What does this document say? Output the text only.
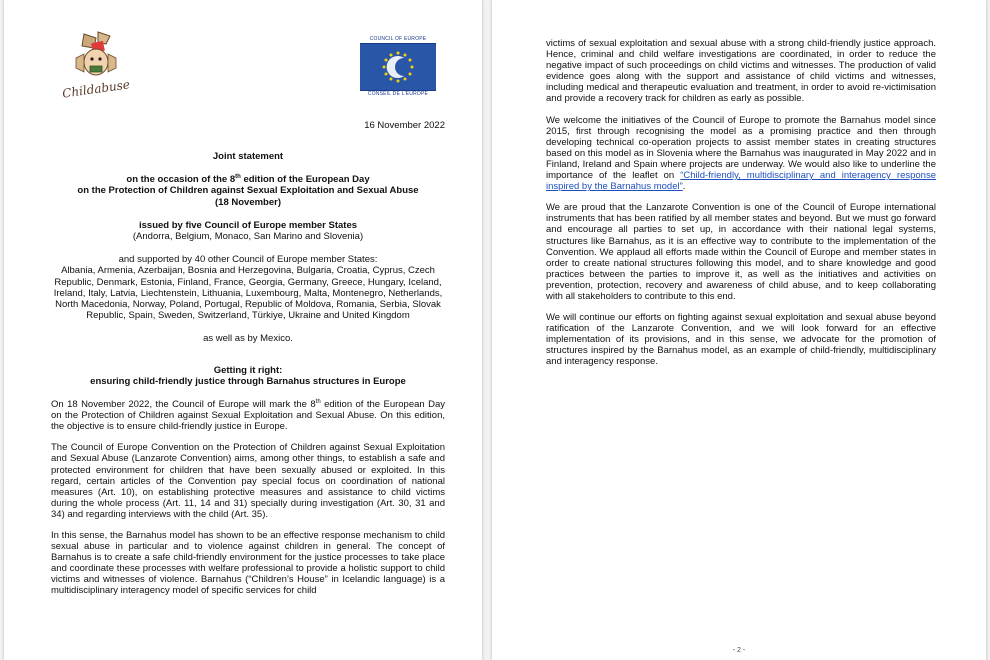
Childabuse
COUNCIL OF EUROPE
CONSEIL DE L'EUROPE
16 November 2022
Joint statement
on the occasion of the 8th edition of the European Day
on the Protection of Children against Sexual Exploitation and Sexual Abuse
(18 November)
issued by five Council of Europe member States
(Andorra, Belgium, Monaco, San Marino and Slovenia)
and supported by 40 other Council of Europe member States:
Albania, Armenia, Azerbaijan, Bosnia and Herzegovina, Bulgaria, Croatia, Cyprus, Czech Republic, Denmark, Estonia, Finland, France, Georgia, Germany, Greece, Hungary, Iceland, Ireland, Italy, Latvia, Liechtenstein, Lithuania, Luxembourg, Malta, Montenegro, Netherlands, North Macedonia, Norway, Poland, Portugal, Republic of Moldova, Romania, Serbia, Slovak Republic, Spain, Sweden, Switzerland, Türkiye, Ukraine and United Kingdom
as well as by Mexico.
Getting it right:
ensuring child-friendly justice through Barnahus structures in Europe

On 18 November 2022, the Council of Europe will mark the 8th edition of the European Day on the Protection of Children against Sexual Exploitation and Sexual Abuse. On this edition, the objective is to ensure child-friendly justice in Europe.

The Council of Europe Convention on the Protection of Children against Sexual Exploitation and Sexual Abuse (Lanzarote Convention) aims, among other things, to establish a safe and protected environment for children that have been sexually abused or exploited. In this regard, certain articles of the Convention pay special focus on coordination of national measures (Art. 10), on establishing protective measures and assistance to child victims during the whole process (Art. 11, 14 and 31) specially during investigation (Art. 30, 31 and 34) and regarding interviews with the child (Art. 35).

In this sense, the Barnahus model has shown to be an effective response mechanism to child sexual abuse in particular and to violence against children in general. The concept of Barnahus is to create a safe child-friendly environment for the justice processes to take place and coordinate these processes with welfare professional to provide a holistic support to child victims and witnesses of violence. Barnahus (“Children’s House” in Icelandic language) is a multidisciplinary interagency model of specific services for child

victims of sexual exploitation and sexual abuse with a strong child-friendly justice approach. Hence, criminal and child welfare investigations are coordinated, in order to reduce the negative impact of such proceedings on child victims and witnesses. The production of valid evidence goes along with the support and assistance of child victims and witnesses, including medical and therapeutic evaluation and treatment, in order to avoid re-victimisation and provide a recovery track for children as early as possible.

We welcome the initiatives of the Council of Europe to promote the Barnahus model since 2015, first through recognising the model as a promising practice and then through developing technical co-operation projects to assist member states in creating structures based on this model as in Slovenia where the Barnahus was inaugurated in May 2022 and in Finland, Ireland and Spain where projects are underway. We would also like to underline the importance of the leaflet on “Child-friendly, multidisciplinary and interagency response inspired by the Barnahus model”.

We are proud that the Lanzarote Convention is one of the Council of Europe international instruments that has been ratified by all member states and beyond. But we must go forward and encourage all parties to set up, in accordance with their national legal systems, structures like Barnahus, as it is an effective way to contribute to the implementation of the Convention. We applaud all efforts made within the Council of Europe and member states in order to create national structures following this model, and to share knowledge and good practices between the parties to improve it, as well as the initiatives and activities on prevention, protection, recovery and awareness of child abuse, and to keep collaborating with all stakeholders to contribute to this end.

We will continue our efforts on fighting against sexual exploitation and sexual abuse beyond ratification of the Lanzarote Convention, and we will look forward for an effective implementation of its provisions, and in this sense, we advocate for the promotion of structures inspired by the Barnahus model, as an example of child-friendly, multidisciplinary and interagency response.

- 2 -
